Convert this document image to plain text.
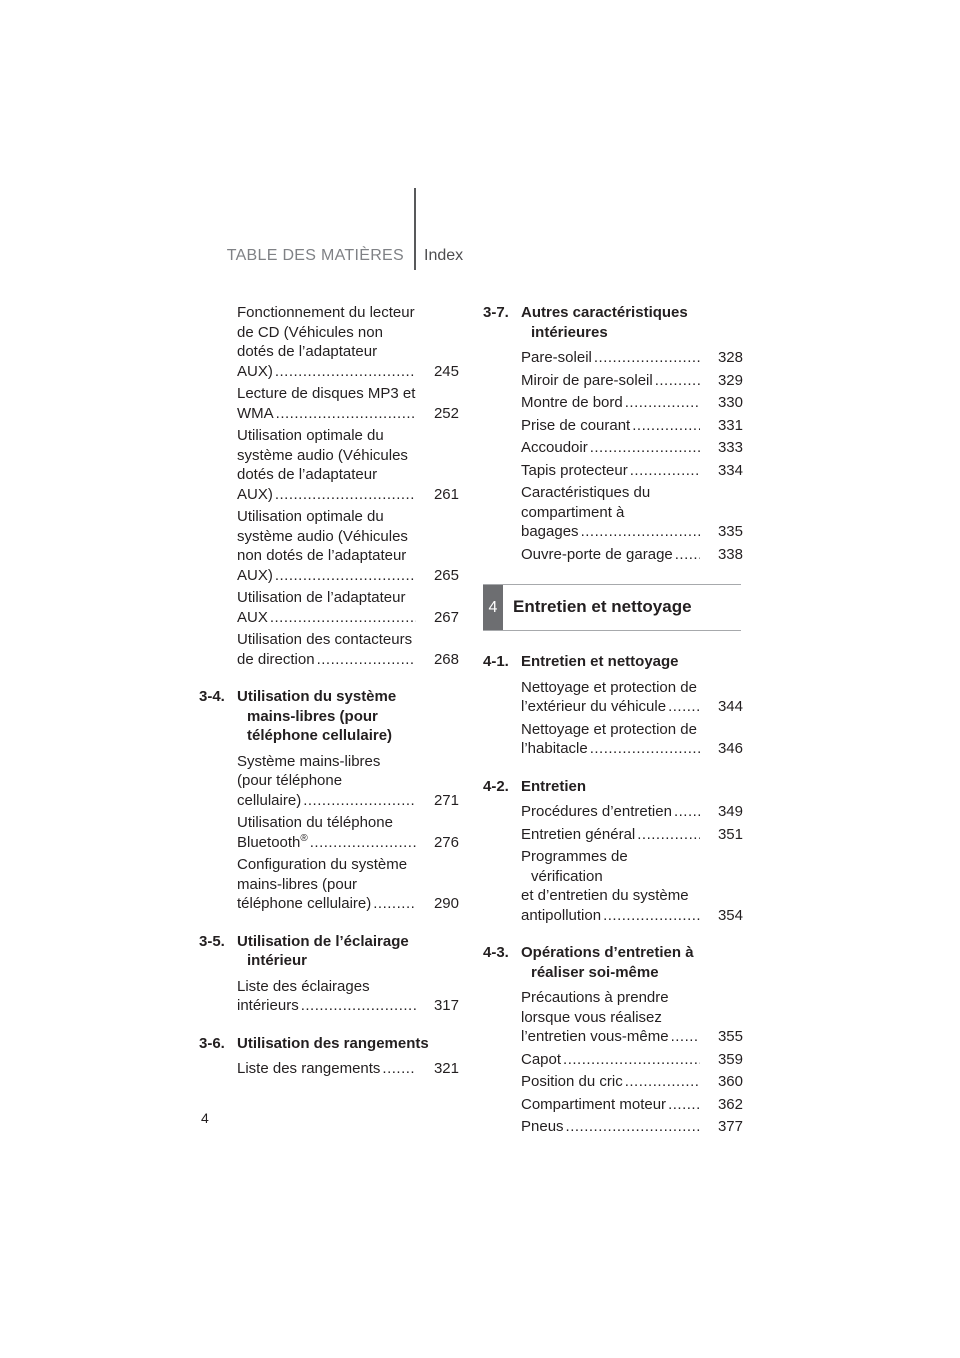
TABLE DES MATIÈRES Index
Fonctionnement du lecteur
de CD (Véhicules non
dotés de l’adaptateur
AUX) .....	245
Lecture de disques MP3 et
WMA .....	252
Utilisation optimale du
système audio (Véhicules
dotés de l’adaptateur
AUX) .....	261
Utilisation optimale du
système audio (Véhicules
non dotés de l’adaptateur
AUX) .....	265
Utilisation de l’adaptateur
AUX .....	267
Utilisation des contacteurs
de direction .....	268
3-4. Utilisation du système
mains-libres (pour
téléphone cellulaire)
Système mains-libres
(pour téléphone
cellulaire) .....	271
Utilisation du téléphone
Bluetooth® .....	276
Configuration du système
mains-libres (pour
téléphone cellulaire) .....	290
3-5. Utilisation de l’éclairage
intérieur
Liste des éclairages
intérieurs .....	317
3-6. Utilisation des rangements
Liste des rangements .....	321
3-7. Autres caractéristiques
intérieures
Pare-soleil .....	328
Miroir de pare-soleil .....	329
Montre de bord .....	330
Prise de courant .....	331
Accoudoir .....	333
Tapis protecteur .....	334
Caractéristiques du
compartiment à
bagages .....	335
Ouvre-porte de garage .....	338
4 Entretien et nettoyage
4-1. Entretien et nettoyage
Nettoyage et protection de
l’extérieur du véhicule .....	344
Nettoyage et protection de
l’habitacle .....	346
4-2. Entretien
Procédures d’entretien .....	349
Entretien général .....	351
Programmes de vérification
et d’entretien du système
antipollution .....	354
4-3. Opérations d’entretien à
réaliser soi-même
Précautions à prendre
lorsque vous réalisez
l’entretien vous-même .....	355
Capot .....	359
Position du cric .....	360
Compartiment moteur .....	362
Pneus .....	377
4
